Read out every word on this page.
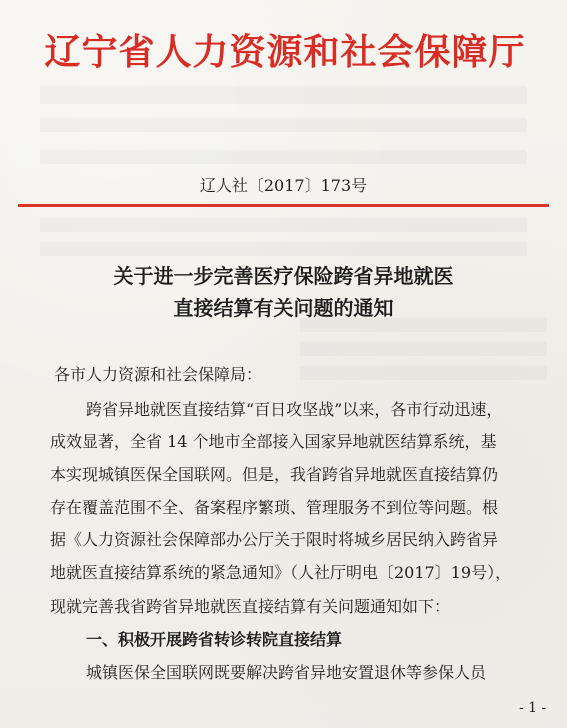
辽宁省人力资源和社会保障厅
辽人社〔2017〕173号
关于进一步完善医疗保险跨省异地就医
直接结算有关问题的通知
各市人力资源和社会保障局：
跨省异地就医直接结算“百日攻坚战”以来，各市行动迅速，
成效显著，全省 14 个地市全部接入国家异地就医结算系统，基
本实现城镇医保全国联网。但是，我省跨省异地就医直接结算仍
存在覆盖范围不全、备案程序繁琐、管理服务不到位等问题。根
据《人力资源社会保障部办公厅关于限时将城乡居民纳入跨省异
地就医直接结算系统的紧急通知》（人社厅明电〔2017〕19号），
现就完善我省跨省异地就医直接结算有关问题通知如下：
一、积极开展跨省转诊转院直接结算
城镇医保全国联网既要解决跨省异地安置退休等参保人员
- 1 -
